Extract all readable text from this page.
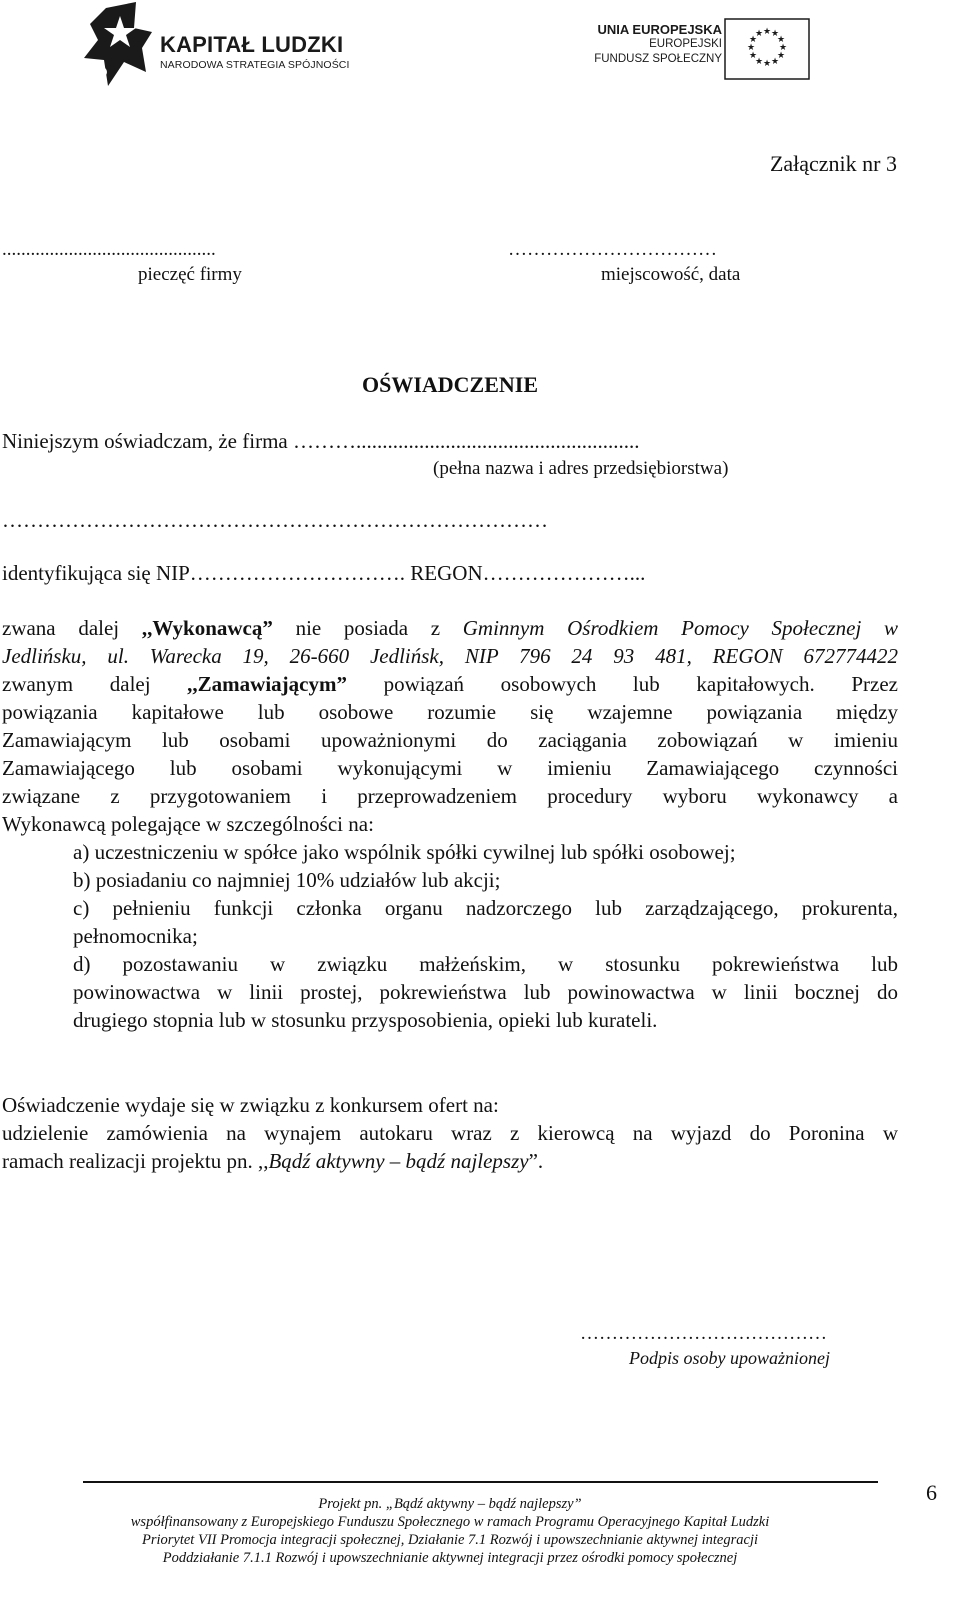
KAPITAŁ LUDZKI
NARODOWA STRATEGIA SPÓJNOŚCI
UNIA EUROPEJSKA
EUROPEJSKI
FUNDUSZ SPOŁECZNY
★ ★
★
★
★
★
★
★
★
★
★
★
Załącznik nr 3
.............................................
pieczęć firmy
……………………………
miejscowość, data
OŚWIADCZENIE
Niniejszym oświadczam, że firma ………......................................................
(pełna nazwa i adres przedsiębiorstwa)
……………………………………………………………………
identyfikująca się NIP…………………………. REGON…………………...
zwana dalej ,,Wykonawcą” nie posiada z Gminnym Ośrodkiem Pomocy Społecznej w
Jedlińsku, ul. Warecka 19, 26-660 Jedlińsk, NIP 796 24 93 481, REGON 672774422
zwanym dalej ,,Zamawiającym” powiązań osobowych lub kapitałowych. Przez
powiązania kapitałowe lub osobowe rozumie się wzajemne powiązania między
Zamawiającym lub osobami upoważnionymi do zaciągania zobowiązań w imieniu
Zamawiającego lub osobami wykonującymi w imieniu Zamawiającego czynności
związane z przygotowaniem i przeprowadzeniem procedury wyboru wykonawcy a
Wykonawcą polegające w szczególności na:
a) uczestniczeniu w spółce jako wspólnik spółki cywilnej lub spółki osobowej;
b) posiadaniu co najmniej 10% udziałów lub akcji;
c) pełnieniu funkcji członka organu nadzorczego lub zarządzającego, prokurenta,
pełnomocnika;
d) pozostawaniu w związku małżeńskim, w stosunku pokrewieństwa lub
powinowactwa w linii prostej, pokrewieństwa lub powinowactwa w linii bocznej do
drugiego stopnia lub w stosunku przysposobienia, opieki lub kurateli.
Oświadczenie wydaje się w związku z konkursem ofert na:
udzielenie zamówienia na wynajem autokaru wraz z kierowcą na wyjazd do Poronina w
ramach realizacji projektu pn. ,,Bądź aktywny – bądź najlepszy”.
…………………………………
Podpis osoby upoważnionej
6
Projekt pn. „Bądź aktywny – bądź najlepszy”
współfinansowany z Europejskiego Funduszu Społecznego w ramach Programu Operacyjnego Kapitał Ludzki
Priorytet VII Promocja integracji społecznej, Działanie 7.1 Rozwój i upowszechnianie aktywnej integracji
Poddziałanie 7.1.1 Rozwój i upowszechnianie aktywnej integracji przez ośrodki pomocy społecznej
